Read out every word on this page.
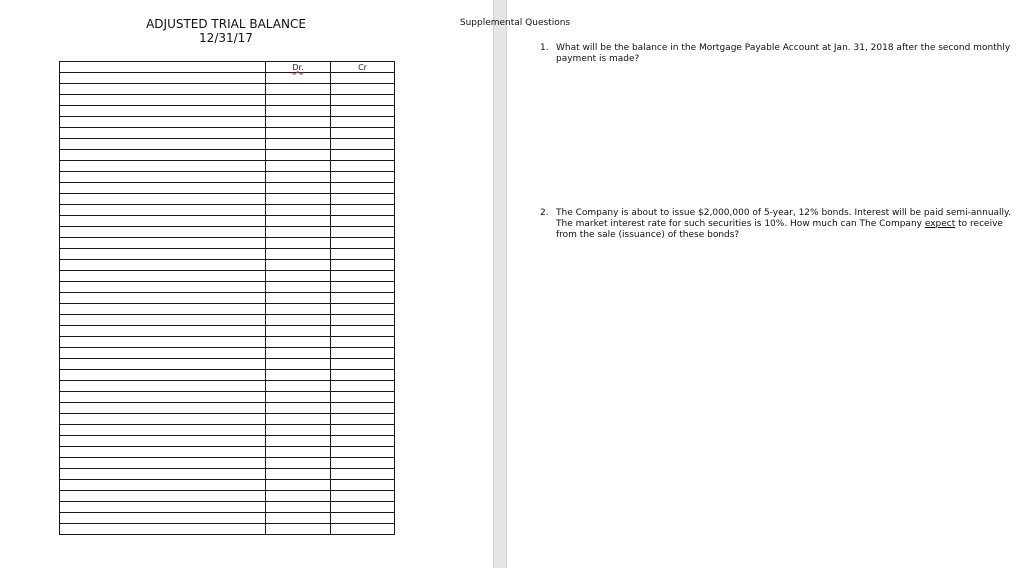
ADJUSTED TRIAL BALANCE
12/31/17
	Dr.	Cr

Supplemental Questions
1. What will be the balance in the Mortgage Payable Account at Jan. 31, 2018 after the second monthly payment is made?
2. The Company is about to issue $2,000,000 of 5-year, 12% bonds. Interest will be paid semi-annually. The market interest rate for such securities is 10%. How much can The Company expect to receive from the sale (issuance) of these bonds?
